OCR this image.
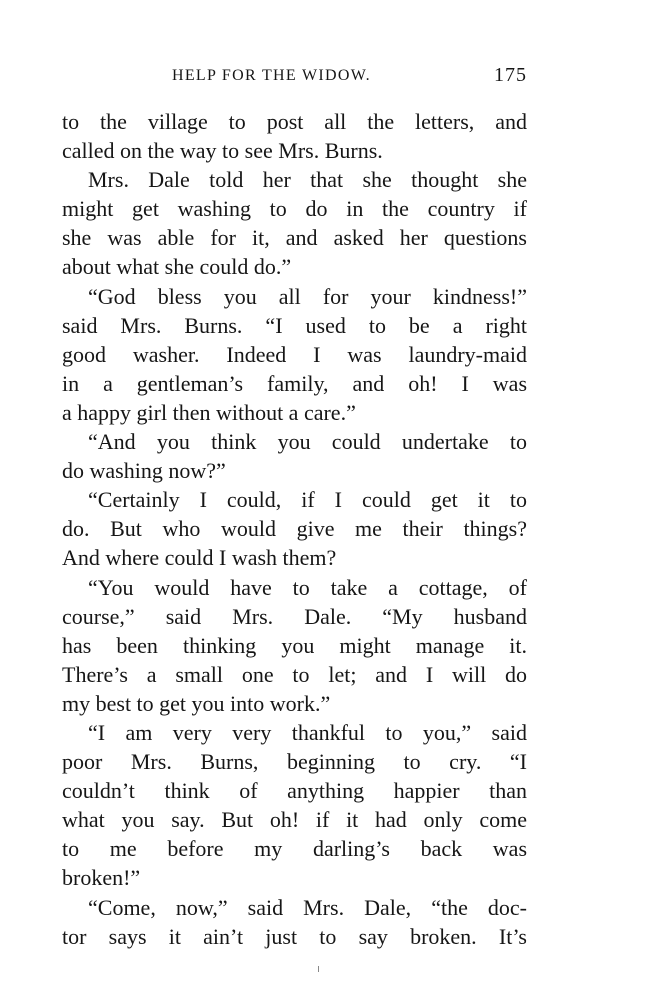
HELP FOR THE WIDOW.	175
to the village to post all the letters, and
called on the way to see Mrs. Burns.
Mrs. Dale told her that she thought she
might get washing to do in the country if
she was able for it, and asked her questions
about what she could do.”
“God bless you all for your kindness!”
said Mrs. Burns. “I used to be a right
good washer. Indeed I was laundry-maid
in a gentleman’s family, and oh! I was
a happy girl then without a care.”
“And you think you could undertake to
do washing now?”
“Certainly I could, if I could get it to
do. But who would give me their things?
And where could I wash them?
“You would have to take a cottage, of
course,” said Mrs. Dale. “My husband
has been thinking you might manage it.
There’s a small one to let; and I will do
my best to get you into work.”
“I am very very thankful to you,” said
poor Mrs. Burns, beginning to cry. “I
couldn’t think of anything happier than
what you say. But oh! if it had only come
to me before my darling’s back was
broken!”
“Come, now,” said Mrs. Dale, “the doc-
tor says it ain’t just to say broken. It’s
